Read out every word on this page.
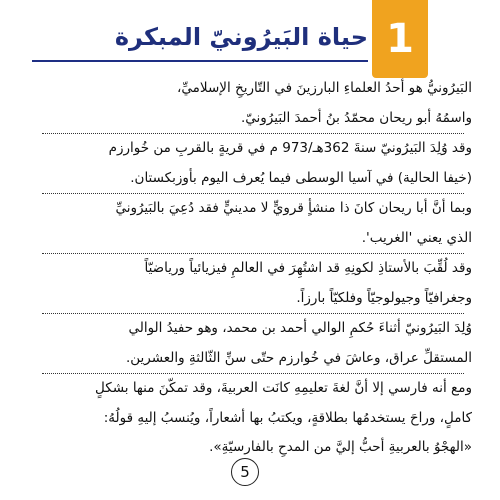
حياة البَيرُونيّ المبكرة 1
البَيرُونيُّ هو أحدُ العلماءِ البارزينَ في التّاريخِ الإسلاميِّ،
واسمُهُ أبو ريحان محمّدُ بنُ أحمدَ البَيرُونيّ.
وقد وُلِدَ البَيرُونيّ سنةَ 362هـ/973 م في قريةٍ بالقربِ من خُوارزم
(خيفا الحالية) في آسيا الوسطى فيما يُعرف اليوم بأوزبكستان.
وبما أنَّ أبا ريحان كانَ ذا منشأٍ قرويٍّ لا مدينيٍّ فقد دُعِيَ بالبَيرُونيِّ
الذي يعني 'الغريب'.
وقد لُقِّبَ بالأستاذِ لكونِهِ قد اشتُهِرَ في العالمِ فيزيائياً ورياضيّاً
وجغرافيّاً وجيولوجيّاً وفلكيّاً بارزاً.
وُلِدَ البَيرُونيّ أثناءَ حُكمِ الوالي أحمد بن محمد، وهو حفيدُ الوالي
المستقلِّ عراق، وعاشَ في خُوارزم حتّى سنِّ الثّالثةِ والعشرين.
ومع أنه فارسي إلا أنَّ لغةَ تعليمِهِ كانَت العربيةَ، وقد تمكّنَ منها بشكلٍ
كاملٍ، وراحَ يستخدمُها بطلاقةٍ، ويكتبُ بها أشعاراً، ويُنسبُ إليهِ قولُهُ:
«الهجْوُ بالعربيةِ أحبُّ إليَّ من المدحِ بالفارسيّةِ».
5
